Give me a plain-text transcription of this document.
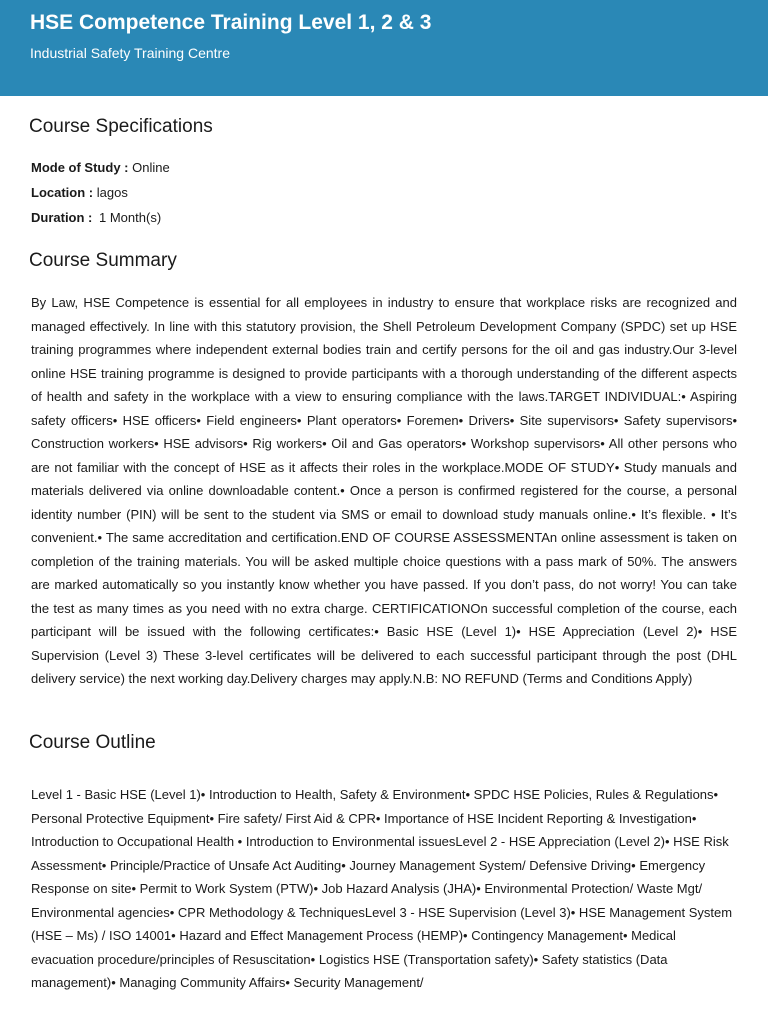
HSE Competence Training Level 1, 2 & 3
Industrial Safety Training Centre
Course Specifications
Mode of Study : Online
Location : lagos
Duration : 1 Month(s)
Course Summary

By Law, HSE Competence is essential for all employees in industry to ensure that workplace risks are recognized and managed effectively. In line with this statutory provision, the Shell Petroleum Development Company (SPDC) set up HSE training programmes where independent external bodies train and certify persons for the oil and gas industry.Our 3-level online HSE training programme is designed to provide participants with a thorough understanding of the different aspects of health and safety in the workplace with a view to ensuring compliance with the laws.TARGET INDIVIDUAL:• Aspiring safety officers• HSE officers• Field engineers• Plant operators• Foremen• Drivers• Site supervisors• Safety supervisors• Construction workers• HSE advisors• Rig workers• Oil and Gas operators• Workshop supervisors• All other persons who are not familiar with the concept of HSE as it affects their roles in the workplace.MODE OF STUDY• Study manuals and materials delivered via online downloadable content.• Once a person is confirmed registered for the course, a personal identity number (PIN) will be sent to the student via SMS or email to download study manuals online.• It’s flexible. • It’s convenient.• The same accreditation and certification.END OF COURSE ASSESSMENTAn online assessment is taken on completion of the training materials. You will be asked multiple choice questions with a pass mark of 50%. The answers are marked automatically so you instantly know whether you have passed. If you don’t pass, do not worry! You can take the test as many times as you need with no extra charge. CERTIFICATIONOn successful completion of the course, each participant will be issued with the following certificates:• Basic HSE (Level 1)• HSE Appreciation (Level 2)• HSE Supervision (Level 3) These 3-level certificates will be delivered to each successful participant through the post (DHL delivery service) the next working day.Delivery charges may apply.N.B: NO REFUND (Terms and Conditions Apply)

Course Outline

Level 1 - Basic HSE (Level 1)• Introduction to Health, Safety & Environment• SPDC HSE Policies, Rules & Regulations• Personal Protective Equipment• Fire safety/ First Aid & CPR• Importance of HSE Incident Reporting & Investigation• Introduction to Occupational Health • Introduction to Environmental issuesLevel 2 - HSE Appreciation (Level 2)• HSE Risk Assessment• Principle/Practice of Unsafe Act Auditing• Journey Management System/ Defensive Driving• Emergency Response on site• Permit to Work System (PTW)• Job Hazard Analysis (JHA)• Environmental Protection/ Waste Mgt/ Environmental agencies• CPR Methodology & TechniquesLevel 3 - HSE Supervision (Level 3)• HSE Management System (HSE – Ms) / ISO 14001• Hazard and Effect Management Process (HEMP)• Contingency Management• Medical evacuation procedure/principles of Resuscitation• Logistics HSE (Transportation safety)• Safety statistics (Data management)• Managing Community Affairs• Security Management/
